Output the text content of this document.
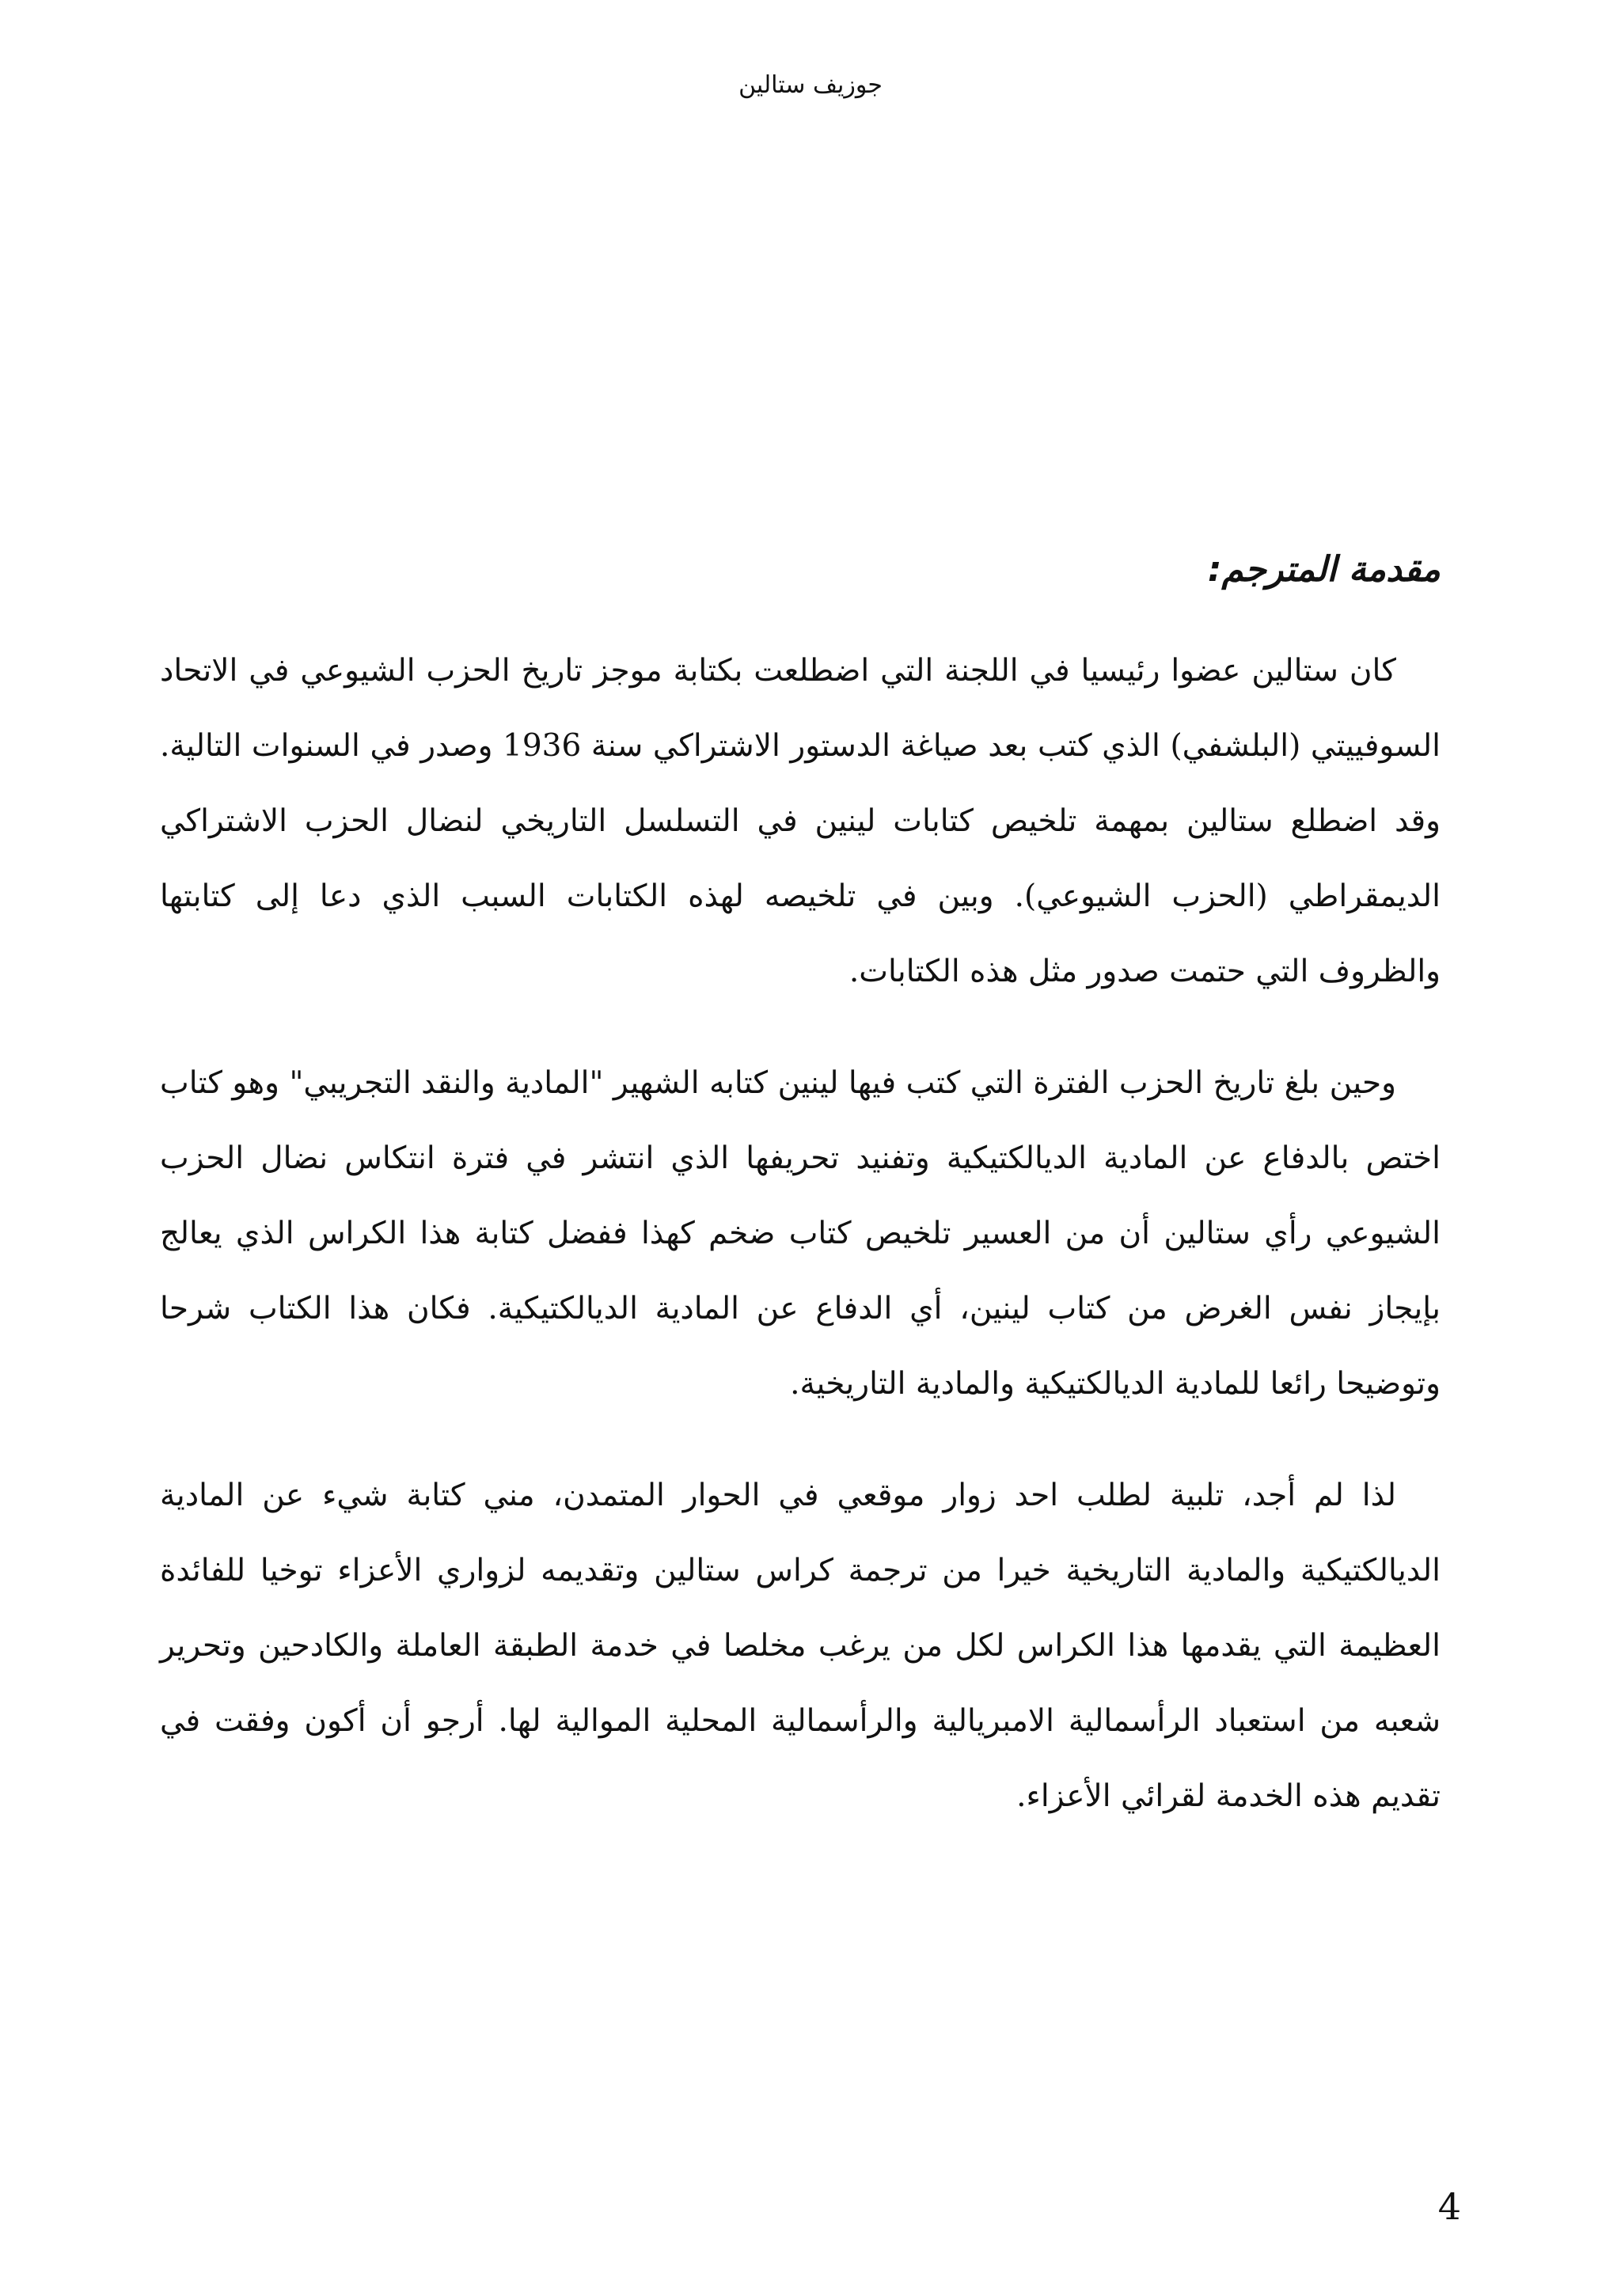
جوزيف ستالين
مقدمة المترجم:

كان ستالين عضوا رئيسيا في اللجنة التي اضطلعت بكتابة موجز تاريخ الحزب الشيوعي في الاتحاد السوفييتي (البلشفي) الذي كتب بعد صياغة الدستور الاشتراكي سنة 1936 وصدر في السنوات التالية. وقد اضطلع ستالين بمهمة تلخيص كتابات لينين في التسلسل التاريخي لنضال الحزب الاشتراكي الديمقراطي (الحزب الشيوعي). وبين في تلخيصه لهذه الكتابات السبب الذي دعا إلى كتابتها والظروف التي حتمت صدور مثل هذه الكتابات.

وحين بلغ تاريخ الحزب الفترة التي كتب فيها لينين كتابه الشهير "المادية والنقد التجريبي" وهو كتاب اختص بالدفاع عن المادية الديالكتيكية وتفنيد تحريفها الذي انتشر في فترة انتكاس نضال الحزب الشيوعي رأي ستالين أن من العسير تلخيص كتاب ضخم كهذا ففضل كتابة هذا الكراس الذي يعالج بإيجاز نفس الغرض من كتاب لينين، أي الدفاع عن المادية الديالكتيكية. فكان هذا الكتاب شرحا وتوضيحا رائعا للمادية الديالكتيكية والمادية التاريخية.

لذا لم أجد، تلبية لطلب احد زوار موقعي في الحوار المتمدن، مني كتابة شيء عن المادية الديالكتيكية والمادية التاريخية خيرا من ترجمة كراس ستالين وتقديمه لزواري الأعزاء توخيا للفائدة العظيمة التي يقدمها هذا الكراس لكل من يرغب مخلصا في خدمة الطبقة العاملة والكادحين وتحرير شعبه من استعباد الرأسمالية الامبريالية والرأسمالية المحلية الموالية لها. أرجو أن أكون وفقت في تقديم هذه الخدمة لقرائي الأعزاء.

4
